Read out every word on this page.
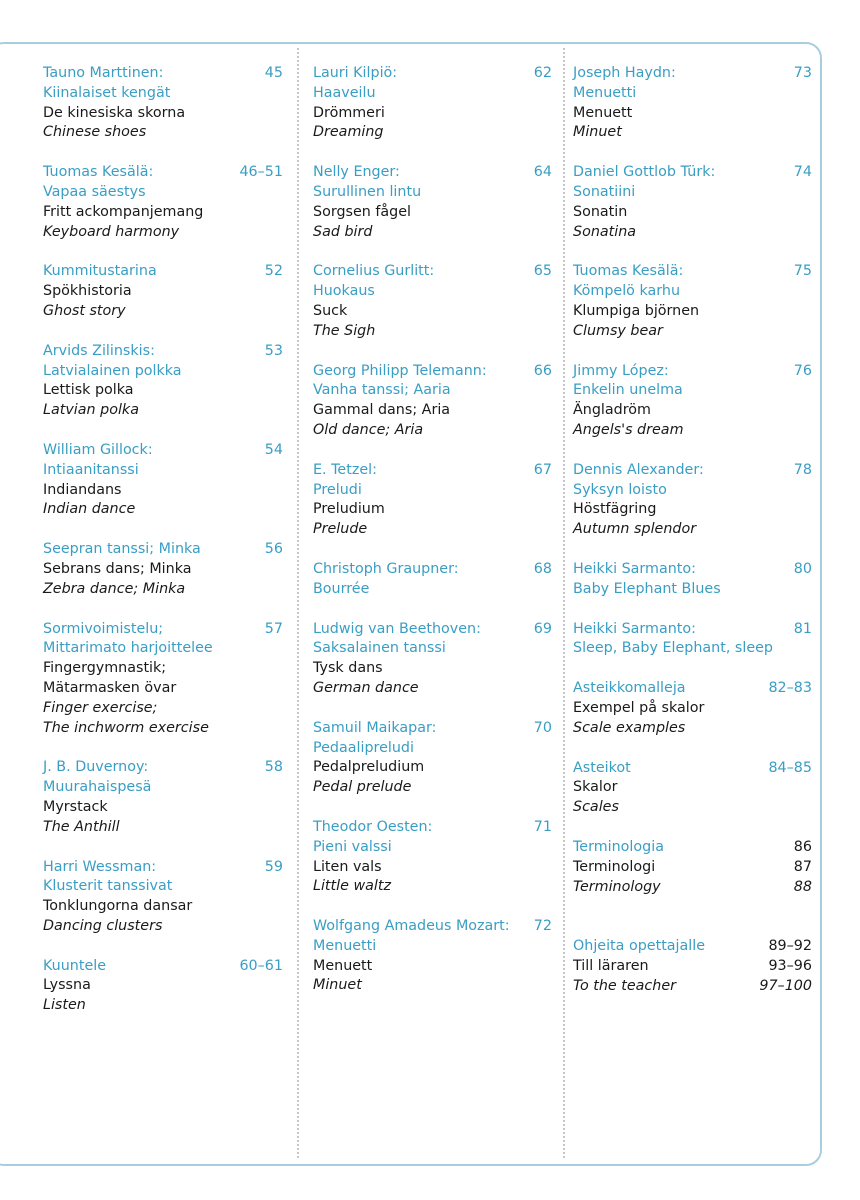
Tauno Marttinen:	45
Kiinalaiset kengät
De kinesiska skorna
Chinese shoes
Tuomas Kesälä:	46–51
Vapaa säestys
Fritt ackompanjemang
Keyboard harmony
Kummitustarina	52
Spökhistoria
Ghost story
Arvids Zilinskis:	53
Latvialainen polkka
Lettisk polka
Latvian polka
William Gillock:	54
Intiaanitanssi
Indiandans
Indian dance
Seepran tanssi; Minka	56
Sebrans dans; Minka
Zebra dance; Minka
Sormivoimistelu;	57
Mittarimato harjoittelee
Fingergymnastik;
Mätarmasken övar
Finger exercise;
The inchworm exercise
J. B. Duvernoy:	58
Muurahaispesä
Myrstack
The Anthill
Harri Wessman:	59
Klusterit tanssivat
Tonklungorna dansar
Dancing clusters
Kuuntele	60–61
Lyssna
Listen
Lauri Kilpiö:	62
Haaveilu
Drömmeri
Dreaming
Nelly Enger:	64
Surullinen lintu
Sorgsen fågel
Sad bird
Cornelius Gurlitt:	65
Huokaus
Suck
The Sigh
Georg Philipp Telemann:	66
Vanha tanssi; Aaria
Gammal dans; Aria
Old dance; Aria
E. Tetzel:	67
Preludi
Preludium
Prelude
Christoph Graupner:	68
Bourrée
Ludwig van Beethoven:	69
Saksalainen tanssi
Tysk dans
German dance
Samuil Maikapar:	70
Pedaalipreludi
Pedalpreludium
Pedal prelude
Theodor Oesten:	71
Pieni valssi
Liten vals
Little waltz
Wolfgang Amadeus Mozart: 72
Menuetti
Menuett
Minuet
Joseph Haydn:	73
Menuetti
Menuett
Minuet
Daniel Gottlob Türk:	74
Sonatiini
Sonatin
Sonatina
Tuomas Kesälä:	75
Kömpelö karhu
Klumpiga björnen
Clumsy bear
Jimmy López:	76
Enkelin unelma
Ängladröm
Angels's dream
Dennis Alexander:	78
Syksyn loisto
Höstfägring
Autumn splendor
Heikki Sarmanto:	80
Baby Elephant Blues
Heikki Sarmanto:	81
Sleep, Baby Elephant, sleep
Asteikkomalleja	82–83
Exempel på skalor
Scale examples
Asteikot	84–85
Skalor
Scales
Terminologia	86
Terminologi	87
Terminology	88
Ohjeita opettajalle	89–92
Till läraren	93–96
To the teacher	97–100
